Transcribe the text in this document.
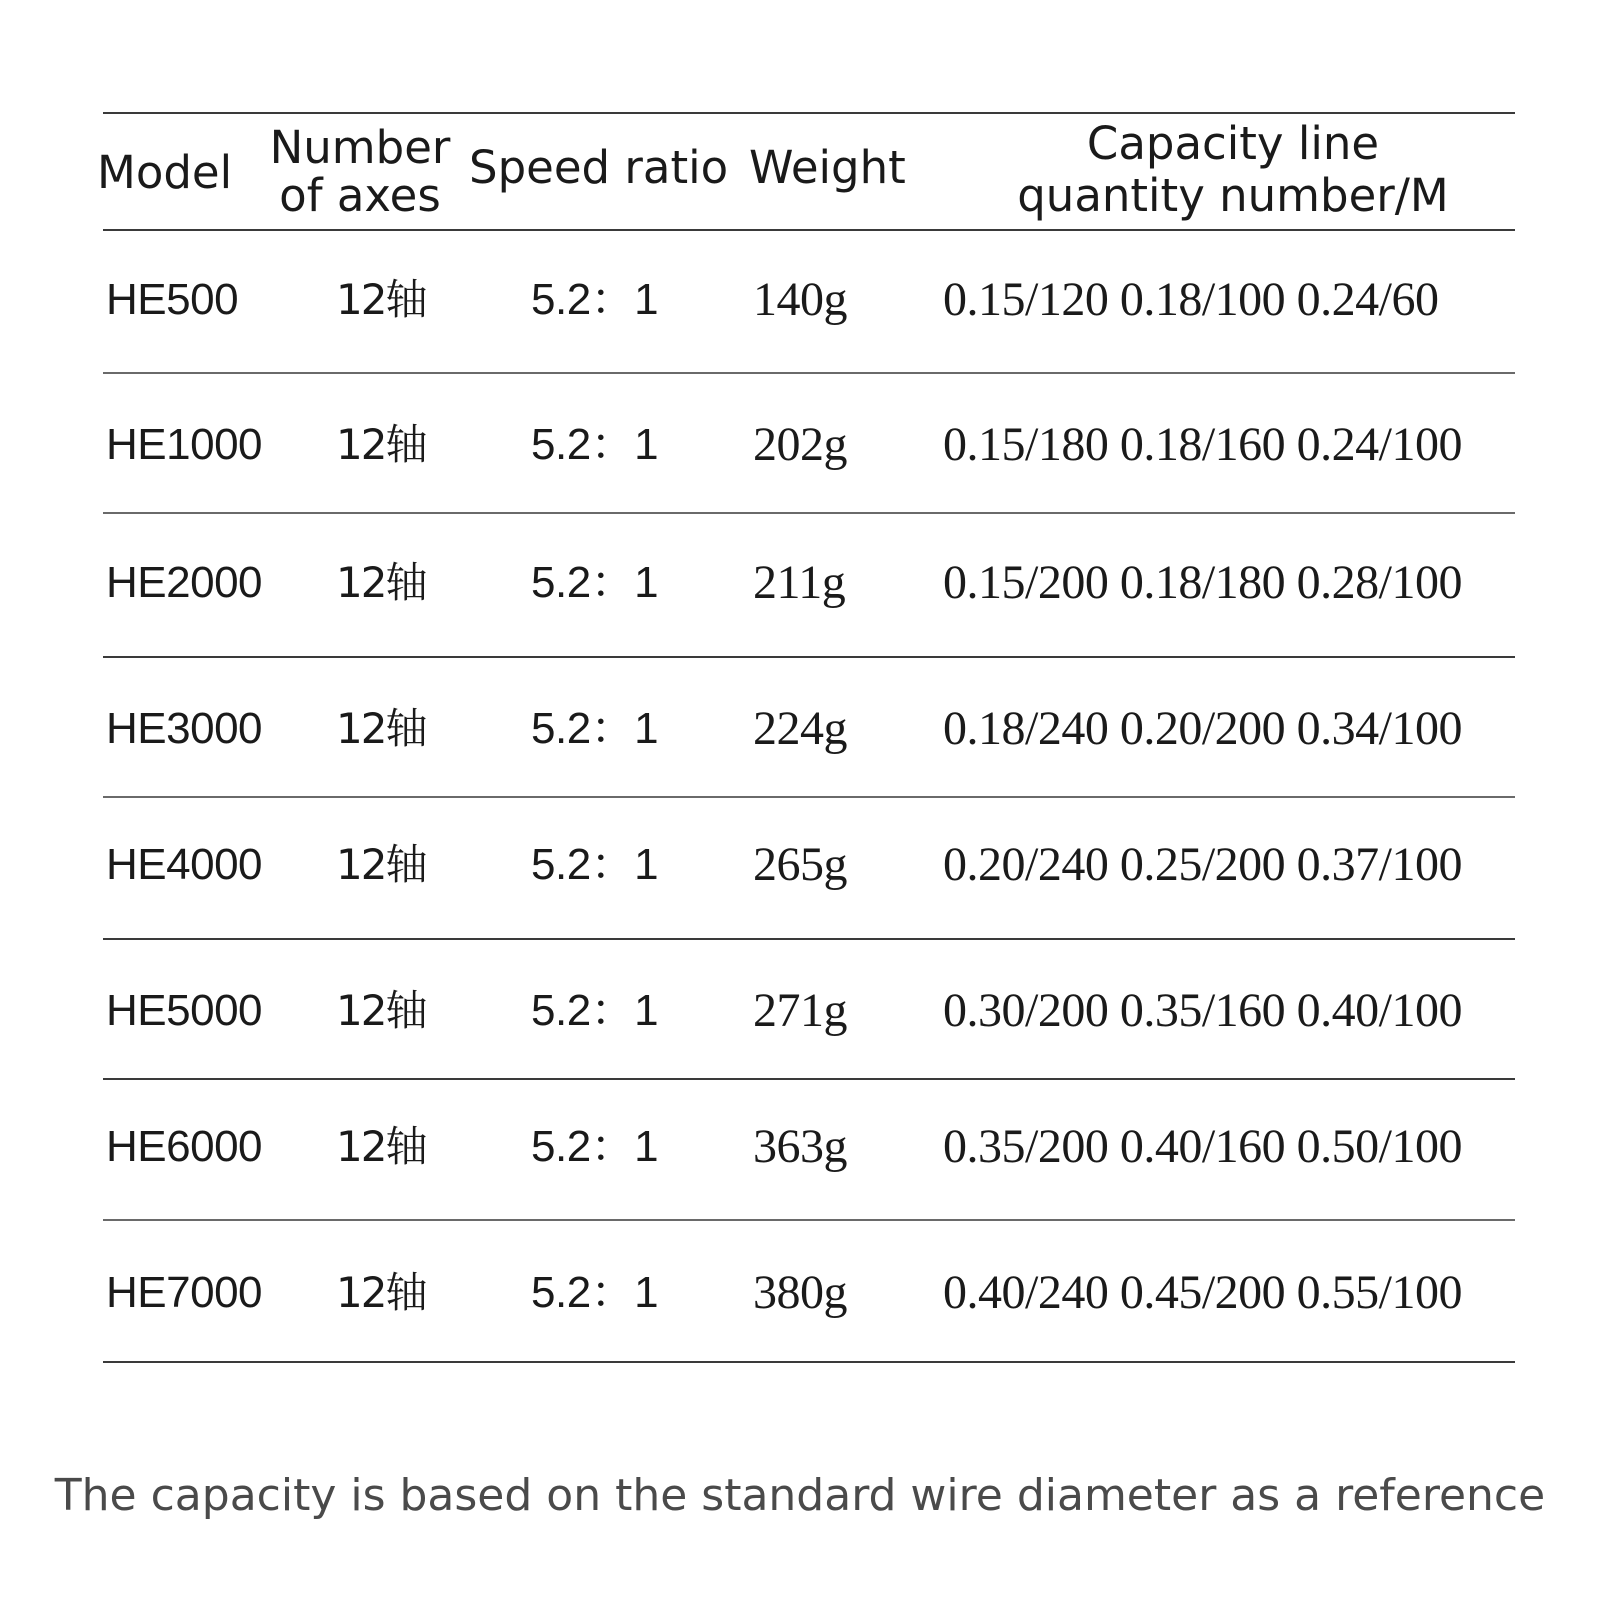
Model Number
of axes
Speed ratio Weight	Capacity line
quantity number/M
HE500 12轴 5.2：1 140g 0.15/120 0.18/100 0.24/60
HE1000 12轴 5.2：1 202g 0.15/180 0.18/160 0.24/100
HE2000 12轴 5.2：1 211g 0.15/200 0.18/180 0.28/100
HE3000 12轴 5.2：1 224g 0.18/240 0.20/200 0.34/100
HE4000 12轴 5.2：1 265g 0.20/240 0.25/200 0.37/100
HE5000 12轴 5.2：1 271g 0.30/200 0.35/160 0.40/100
HE6000 12轴 5.2：1 363g 0.35/200 0.40/160 0.50/100
HE7000 12轴 5.2：1 380g 0.40/240 0.45/200 0.55/100
The capacity is based on the standard wire diameter as a reference
